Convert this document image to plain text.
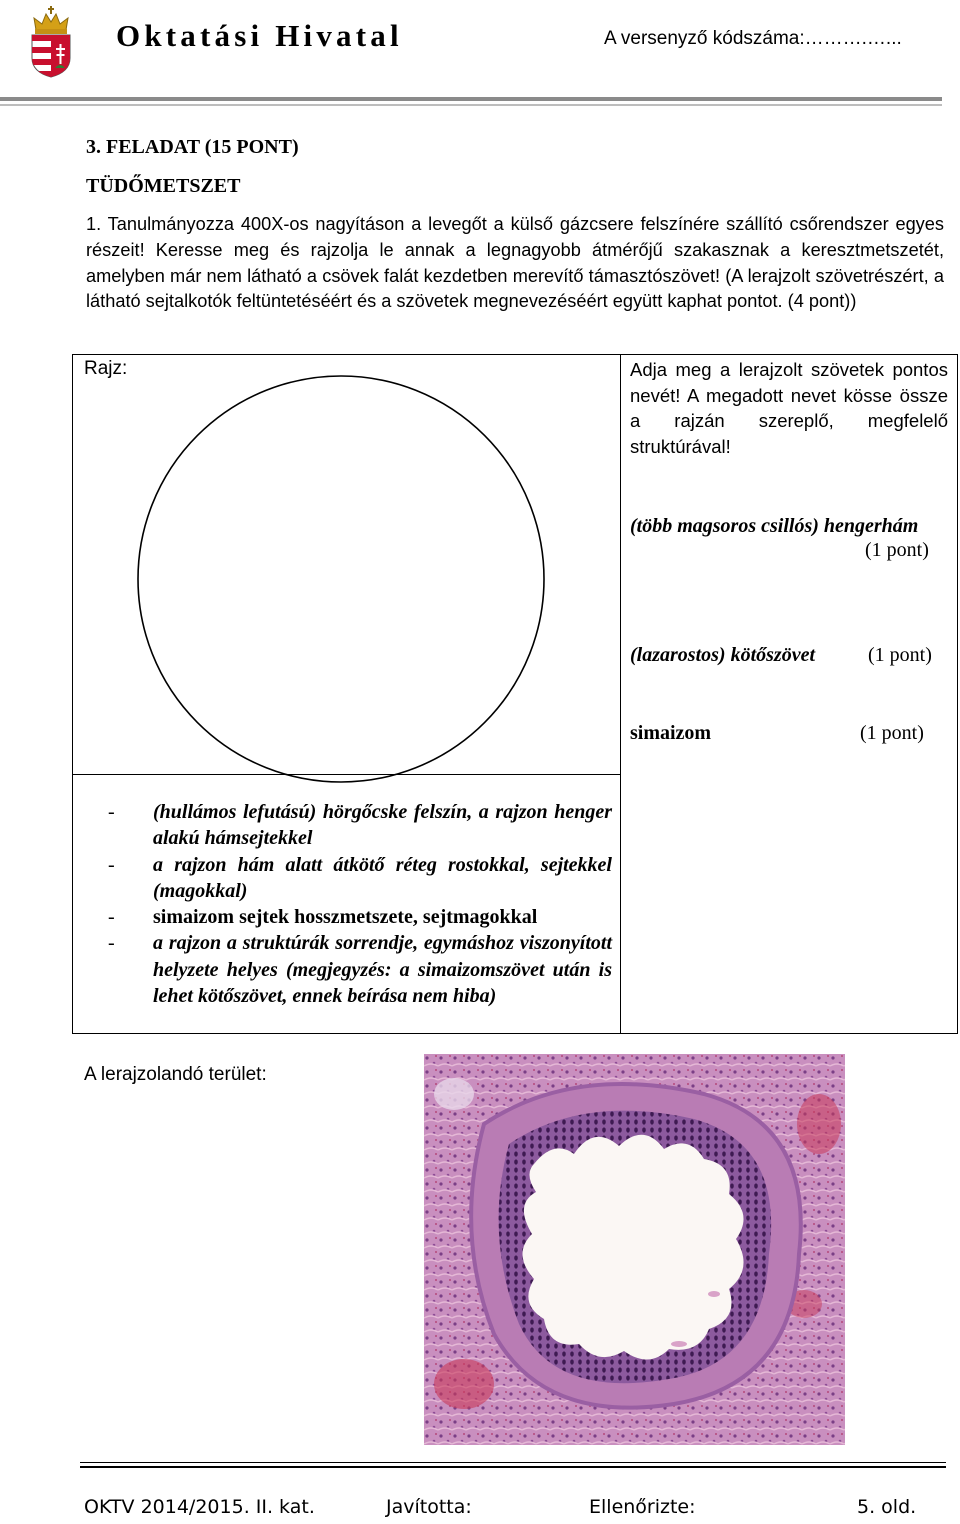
Oktatási Hivatal	A versenyző kódszáma:……….…...
3. FELADAT (15 PONT)
TÜDŐMETSZET
1. Tanulmányozza 400X-os nagyításon a levegőt a külső gázcsere felszínére szállító csőrendszer egyes részeit! Keresse meg és rajzolja le annak a legnagyobb átmérőjű szakasznak a keresztmetszetét, amelyben már nem látható a csövek falát kezdetben merevítő támasztószövet! (A lerajzolt szövetrészért, a látható sejtalkotók feltüntetéséért és a szövetek megnevezéséért együtt kaphat pontot. (4 pont))
Rajz:	Adja meg a lerajzolt szövetek pontos nevét! A megadott nevet kösse össze a rajzán szereplő, megfelelő struktúrával!
(több magsoros csillós) hengerhám
(1 pont)
(lazarostos) kötőszövet	(1 pont)
simaizom	(1 pont)
-	(hullámos lefutású) hörgőcske felszín, a rajzon henger alakú hámsejtekkel
-	a rajzon hám alatt átkötő réteg rostokkal, sejtekkel (magokkal)
-	simaizom sejtek hosszmetszete, sejtmagokkal
-	a rajzon a struktúrák sorrendje, egymáshoz viszonyított helyzete helyes (megjegyzés: a simaizomszövet után is lehet kötőszövet, ennek beírása nem hiba)
A lerajzolandó terület:
OKTV 2014/2015. II. kat.	Javította:	Ellenőrizte:	5. old.
